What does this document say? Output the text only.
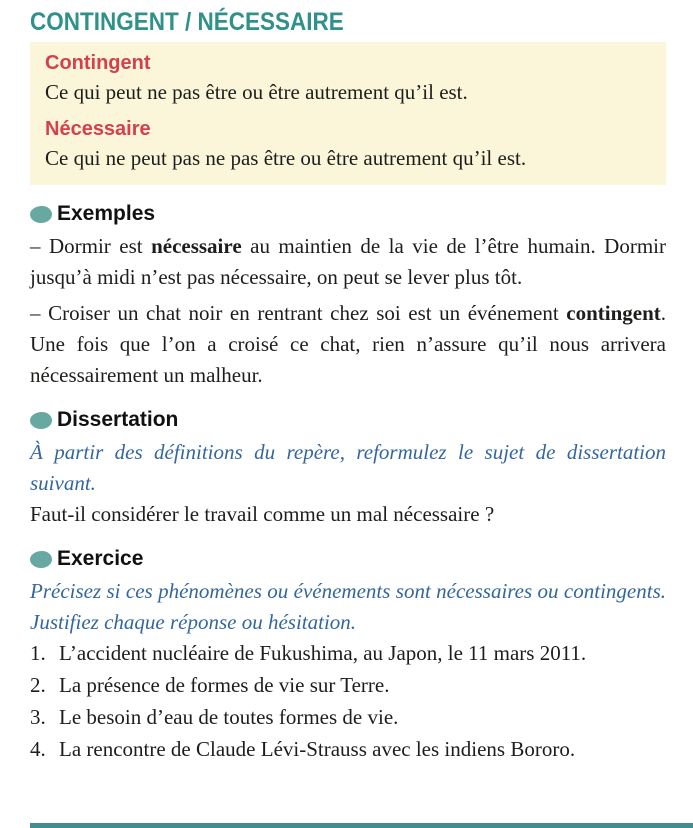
CONTINGENT / NÉCESSAIRE
Contingent

Ce qui peut ne pas être ou être autrement qu’il est.

Nécessaire

Ce qui ne peut pas ne pas être ou être autrement qu’il est.

Exemples

– Dormir est nécessaire au maintien de la vie de l’être humain. Dormir jusqu’à midi n’est pas nécessaire, on peut se lever plus tôt.

– Croiser un chat noir en rentrant chez soi est un événement contingent. Une fois que l’on a croisé ce chat, rien n’assure qu’il nous arrivera nécessairement un malheur.

Dissertation

À partir des définitions du repère, reformulez le sujet de dissertation suivant.

Faut-il considérer le travail comme un mal nécessaire ?

Exercice

Précisez si ces phénomènes ou événements sont nécessaires ou contingents. Justifiez chaque réponse ou hésitation.

1. L’accident nucléaire de Fukushima, au Japon, le 11 mars 2011.

2. La présence de formes de vie sur Terre.

3. Le besoin d’eau de toutes formes de vie.

4. La rencontre de Claude Lévi-Strauss avec les indiens Bororo.
